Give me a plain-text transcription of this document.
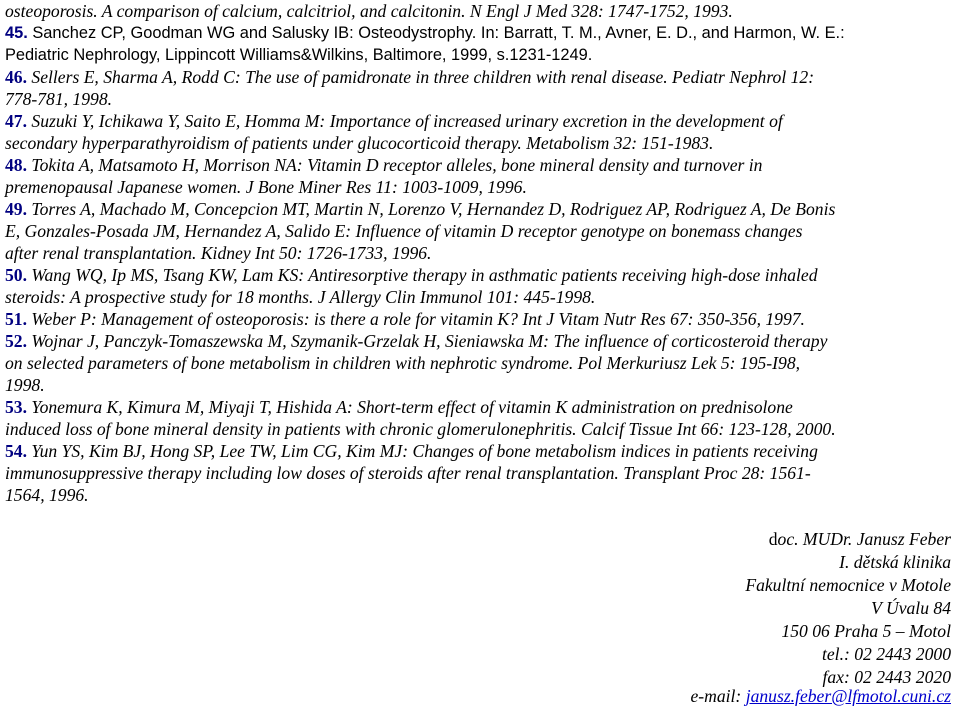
osteoporosis. A comparison of calcium, calcitriol, and calcitonin. N Engl J Med 328: 1747-1752, 1993.
45. Sanchez CP, Goodman WG and Salusky IB: Osteodystrophy. In: Barratt, T. M., Avner, E. D., and Harmon, W. E.:
Pediatric Nephrology, Lippincott Williams&Wilkins, Baltimore, 1999, s.1231-1249.
46. Sellers E, Sharma A, Rodd C: The use of pamidronate in three children with renal disease. Pediatr Nephrol 12:
778-781, 1998.
47. Suzuki Y, Ichikawa Y, Saito E, Homma M: Importance of increased urinary excretion in the development of
secondary hyperparathyroidism of patients under glucocorticoid therapy. Metabolism 32: 151-1983.
48. Tokita A, Matsamoto H, Morrison NA: Vitamin D receptor alleles, bone mineral density and turnover in
premenopausal Japanese women. J Bone Miner Res 11: 1003-1009, 1996.
49. Torres A, Machado M, Concepcion MT, Martin N, Lorenzo V, Hernandez D, Rodriguez AP, Rodriguez A, De Bonis
E, Gonzales-Posada JM, Hernandez A, Salido E: Influence of vitamin D receptor genotype on bonemass changes
after renal transplantation. Kidney Int 50: 1726-1733, 1996.
50. Wang WQ, Ip MS, Tsang KW, Lam KS: Antiresorptive therapy in asthmatic patients receiving high-dose inhaled
steroids: A prospective study for 18 months. J Allergy Clin Immunol 101: 445-1998.
51. Weber P: Management of osteoporosis: is there a role for vitamin K? Int J Vitam Nutr Res 67: 350-356, 1997.
52. Wojnar J, Panczyk-Tomaszewska M, Szymanik-Grzelak H, Sieniawska M: The influence of corticosteroid therapy
on selected parameters of bone metabolism in children with nephrotic syndrome. Pol Merkuriusz Lek 5: 195-I98,
1998.
53. Yonemura K, Kimura M, Miyaji T, Hishida A: Short-term effect of vitamin K administration on prednisolone
induced loss of bone mineral density in patients with chronic glomerulonephritis. Calcif Tissue Int 66: 123-128, 2000.
54. Yun YS, Kim BJ, Hong SP, Lee TW, Lim CG, Kim MJ: Changes of bone metabolism indices in patients receiving
immunosuppressive therapy including low doses of steroids after renal transplantation. Transplant Proc 28: 1561-
1564, 1996.
doc. MUDr. Janusz Feber
I. dětská klinika
Fakultní nemocnice v Motole
V Úvalu 84
150 06 Praha 5 – Motol
tel.: 02 2443 2000
fax: 02 2443 2020
e-mail: janusz.feber@lfmotol.cuni.cz
